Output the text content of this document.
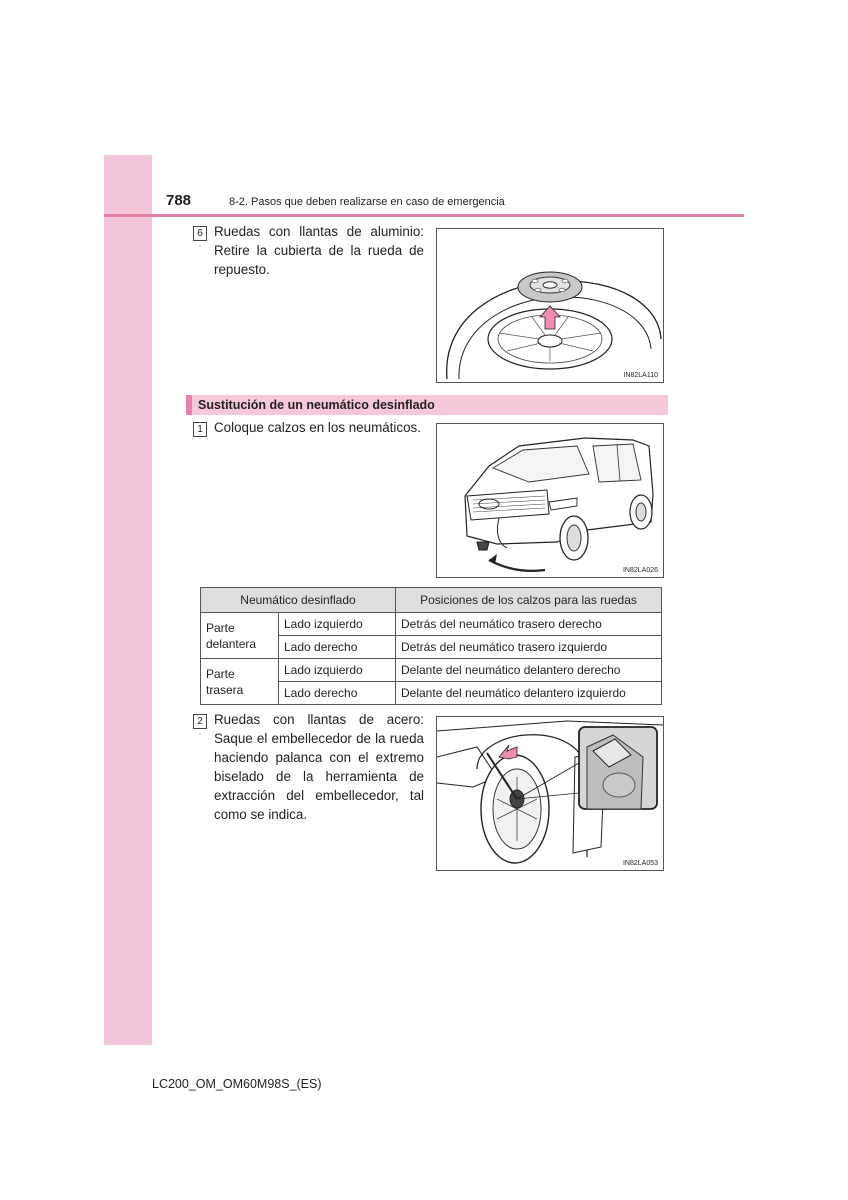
788	8-2. Pasos que deben realizarse en caso de emergencia
6 Ruedas con llantas de aluminio: Retire la cubierta de la rueda de repuesto.
IN82LA110
Sustitución de un neumático desinflado
1 Coloque calzos en los neumáticos.
IN82LA026
Neumático desinflado		Posiciones de los calzos para las ruedas
Parte delantera	Lado izquierdo	Detrás del neumático trasero derecho
	Lado derecho	Detrás del neumático trasero izquierdo
Parte trasera	Lado izquierdo	Delante del neumático delantero derecho
	Lado derecho	Delante del neumático delantero izquierdo
2 Ruedas con llantas de acero: Saque el embellecedor de la rueda haciendo palanca con el extremo biselado de la herramienta de extracción del embellecedor, tal como se indica.
IN82LA053
LC200_OM_OM60M98S_(ES)
